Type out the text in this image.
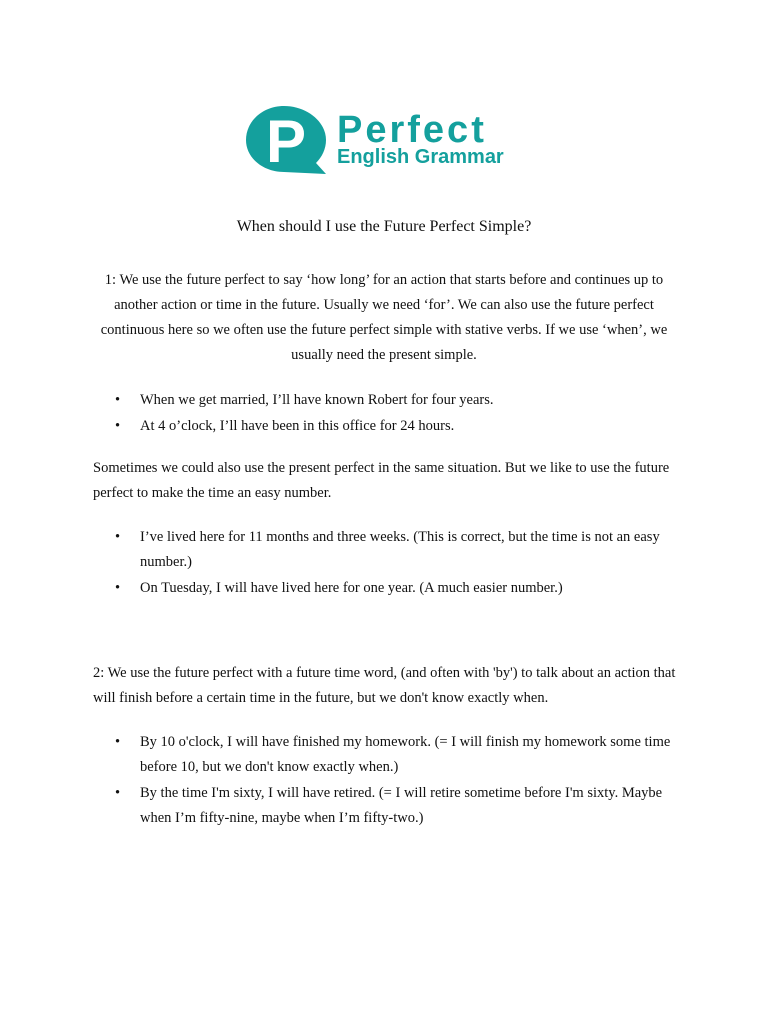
P Perfect
English Grammar
When should I use the Future Perfect Simple?
1: We use the future perfect to say ‘how long’ for an action that starts before and continues up to another action or time in the future. Usually we need ‘for’. We can also use the future perfect continuous here so we often use the future perfect simple with stative verbs. If we use ‘when’, we usually need the present simple.
• When we get married, I’ll have known Robert for four years.
• At 4 o’clock, I’ll have been in this office for 24 hours.
Sometimes we could also use the present perfect in the same situation. But we like to use the future perfect to make the time an easy number.
• I’ve lived here for 11 months and three weeks. (This is correct, but the time is not an easy number.)
• On Tuesday, I will have lived here for one year. (A much easier number.)
2: We use the future perfect with a future time word, (and often with 'by') to talk about an action that will finish before a certain time in the future, but we don't know exactly when.
• By 10 o'clock, I will have finished my homework. (= I will finish my homework some time before 10, but we don't know exactly when.)
• By the time I'm sixty, I will have retired. (= I will retire sometime before I'm sixty. Maybe when I’m fifty-nine, maybe when I’m fifty-two.)
